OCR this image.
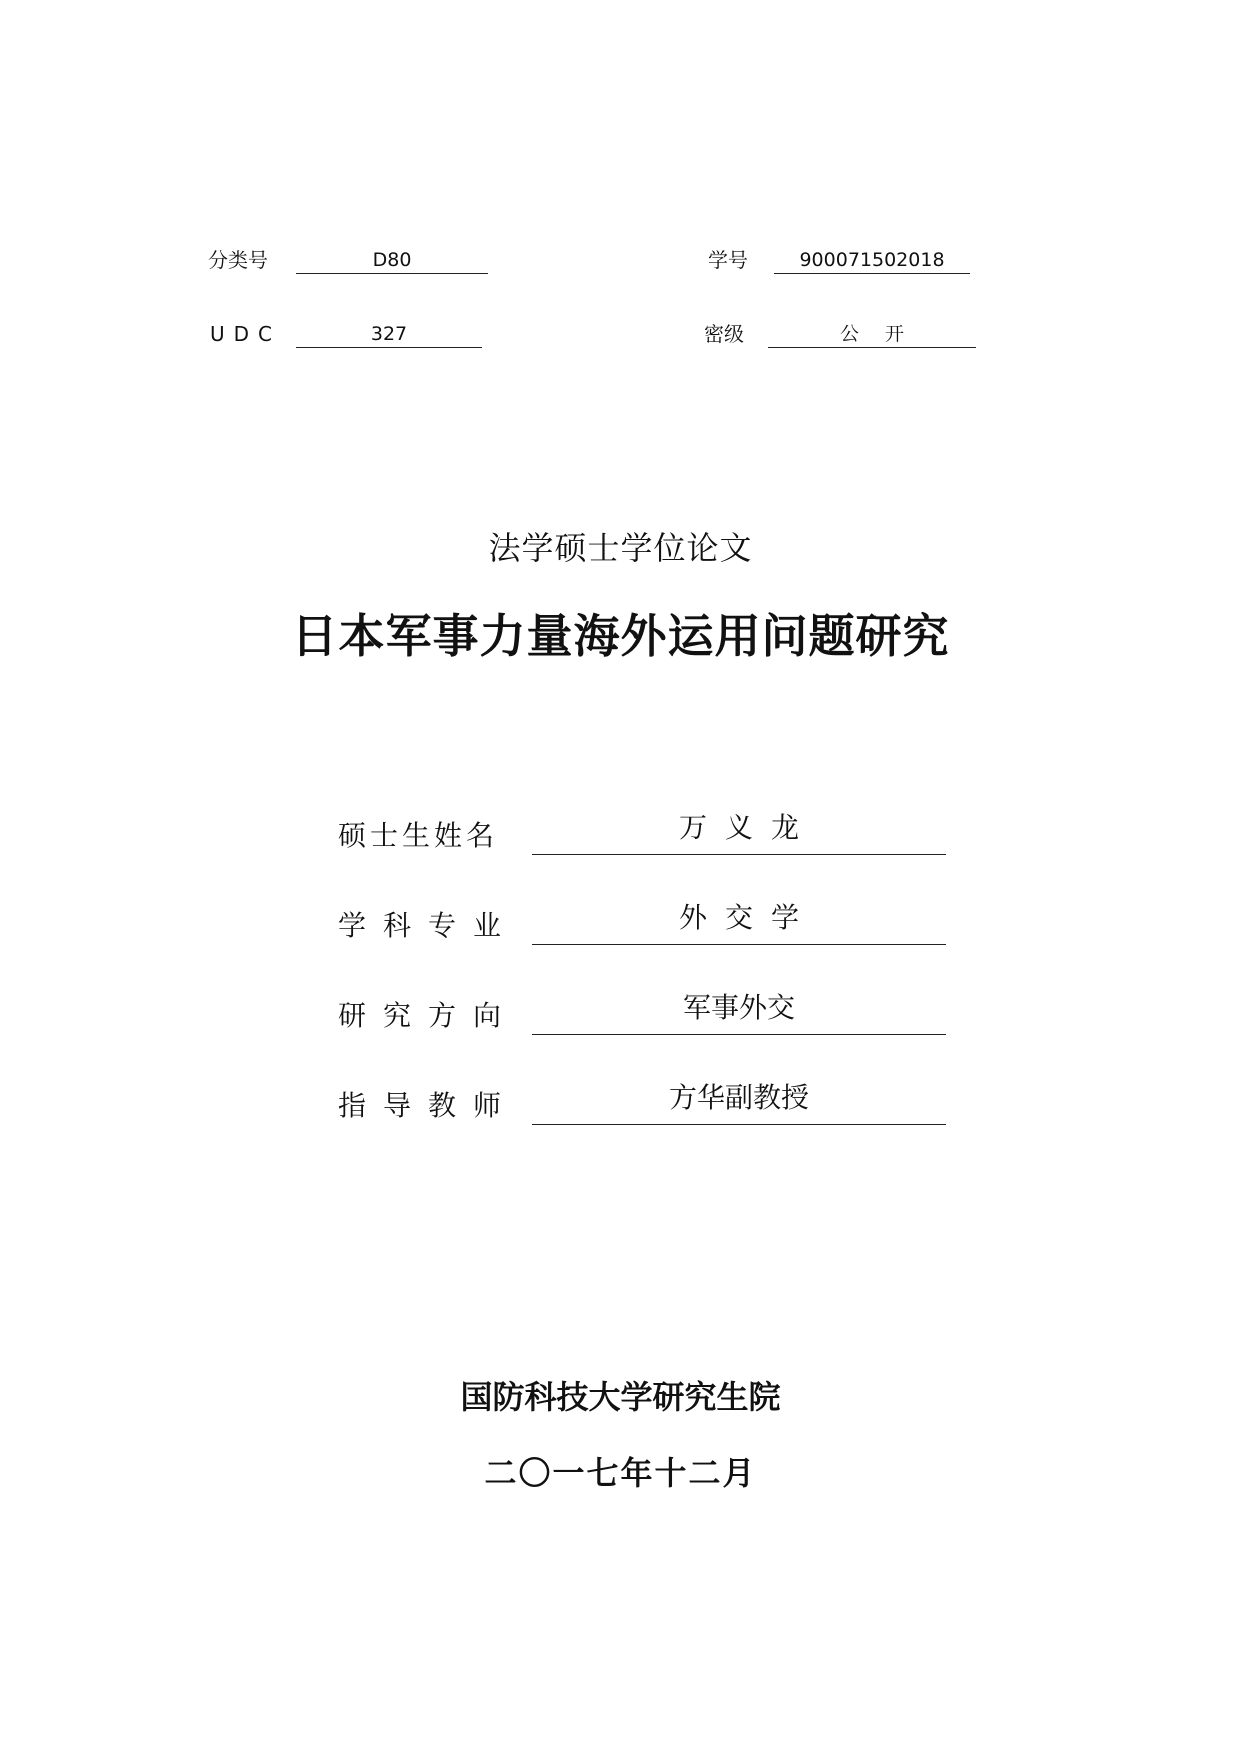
分类号	D80	学号	900071502018
UDC	327	密级	公开
法学硕士学位论文
日本军事力量海外运用问题研究
硕士生姓名	万义龙
学科专业	外交学
研究方向	军事外交
指导教师	方华副教授
国防科技大学研究生院
二〇一七年十二月
